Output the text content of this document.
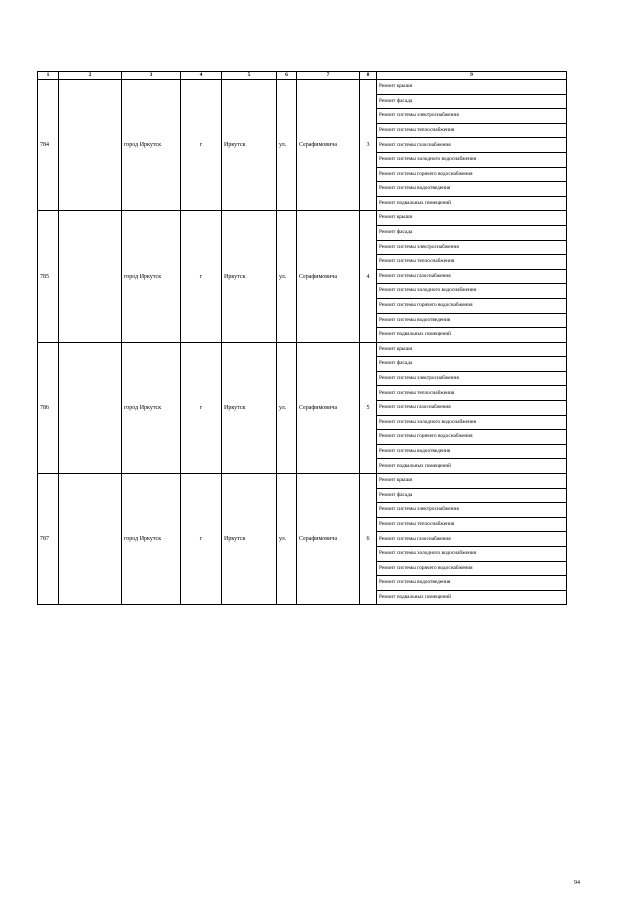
1	2	3	4	5	6	7	8	9
784		город Иркутск	г	Иркутск	ул.	Серафимовича	3	Ремонт крыши
								Ремонт фасада
								Ремонт системы электроснабжения
								Ремонт системы теплоснабжения
								Ремонт системы газоснабжения
								Ремонт системы холодного водоснабжения
								Ремонт системы горячего водоснабжения
								Ремонт системы водоотведения
								Ремонт подвальных помещений
785		город Иркутск	г	Иркутск	ул.	Серафимовича	4	Ремонт крыши
								Ремонт фасада
								Ремонт системы электроснабжения
								Ремонт системы теплоснабжения
								Ремонт системы газоснабжения
								Ремонт системы холодного водоснабжения
								Ремонт системы горячего водоснабжения
								Ремонт системы водоотведения
								Ремонт подвальных помещений
786		город Иркутск	г	Иркутск	ул.	Серафимовича	5	Ремонт крыши
								Ремонт фасада
								Ремонт системы электроснабжения
								Ремонт системы теплоснабжения
								Ремонт системы газоснабжения
								Ремонт системы холодного водоснабжения
								Ремонт системы горячего водоснабжения
								Ремонт системы водоотведения
								Ремонт подвальных помещений
787		город Иркутск	г	Иркутск	ул.	Серафимовича	6	Ремонт крыши
								Ремонт фасада
								Ремонт системы электроснабжения
								Ремонт системы теплоснабжения
								Ремонт системы газоснабжения
								Ремонт системы холодного водоснабжения
								Ремонт системы горячего водоснабжения
								Ремонт системы водоотведения
								Ремонт подвальных помещений
94
